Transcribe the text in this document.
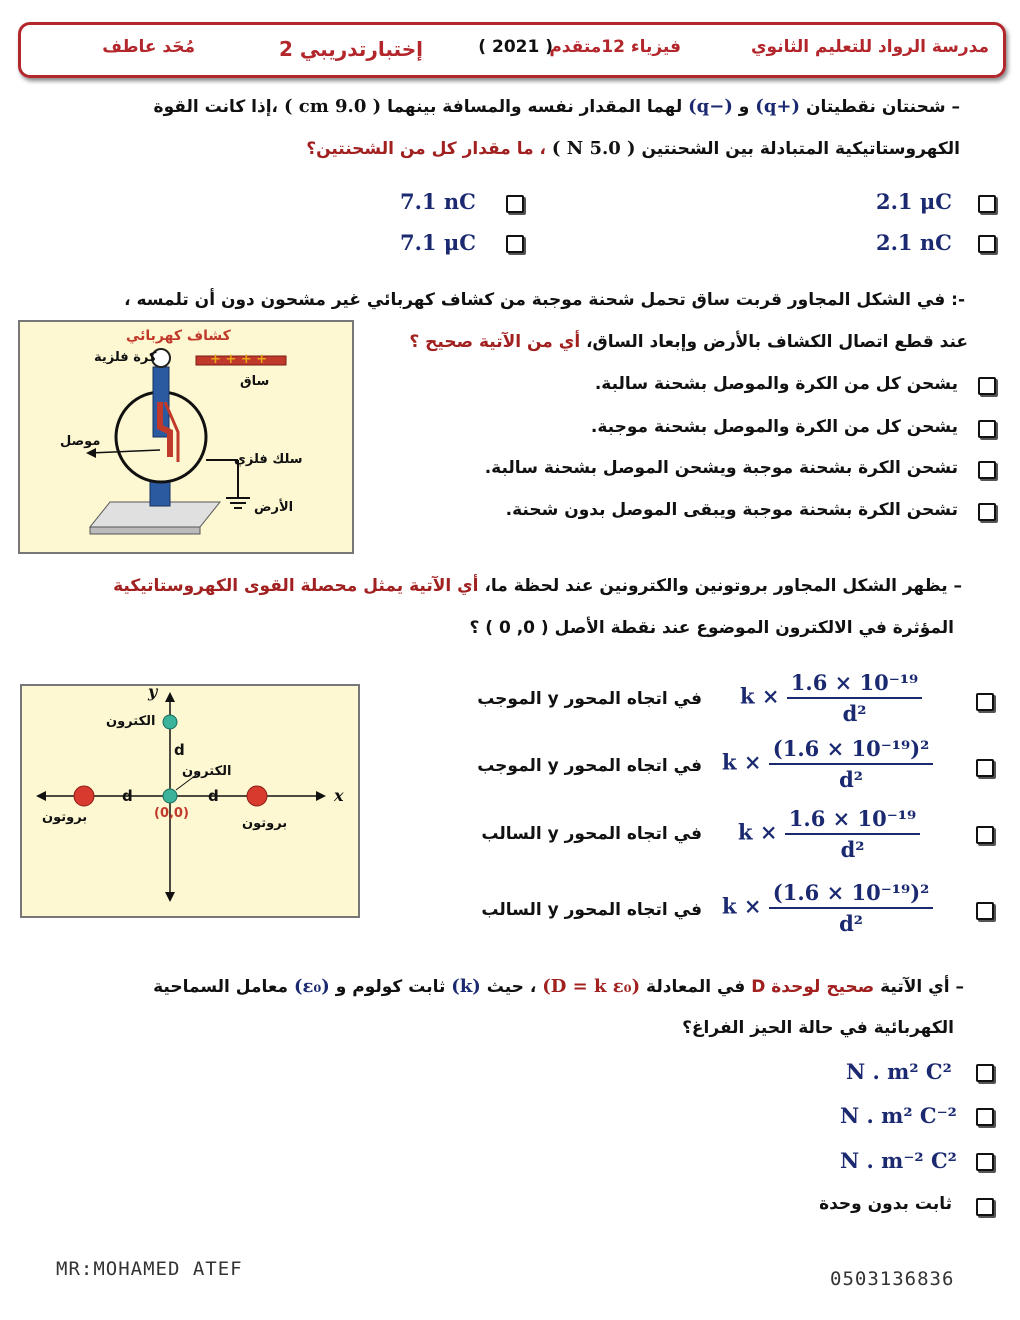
مدرسة الرواد للتعليم الثانوي
فيزياء 12متقدم
( 2021 )
إختبارتدريبي 2
مُحَد عاطف
– شحنتان نقطيتان (+q) و (−q) لهما المقدار نفسه والمسافة بينهما ( 9.0 cm ) ،إذا كانت القوة
الكهروستاتيكية المتبادلة بين الشحنتين ( 5.0 N ) ، ما مقدار كل من الشحنتين؟
2.1 μC
7.1 nC
2.1 nC
7.1 μC
-: في الشكل المجاور قربت ساق تحمل شحنة موجبة من كشاف كهربائي غير مشحون دون أن تلمسه ،
عند قطع اتصال الكشاف بالأرض وإبعاد الساق، أي من الآتية صحيح ؟
يشحن كل من الكرة والموصل بشحنة سالبة.
يشحن كل من الكرة والموصل بشحنة موجبة.
تشحن الكرة بشحنة موجبة ويشحن الموصل بشحنة سالبة.
تشحن الكرة بشحنة موجبة ويبقى الموصل بدون شحنة.
+ + + +
كشاف كهربائي
كرة فلزية
ساق
موصل
سلك فلزي
الأرض
– يظهر الشكل المجاور بروتونين والكترونين عند لحظة ما، أي الآتية يمثل محصلة القوى الكهروستاتيكية
المؤثرة في الالكترون الموضوع عند نقطة الأصل ( 0, 0 ) ؟
$k \times \frac{\text{1.6 × 10⁻¹⁹}}{\text{d²}}$
في اتجاه المحور y الموجب
$k \times \frac{\text{(1.6 × 10⁻¹⁹)²}}{\text{d²}}$
في اتجاه المحور y الموجب
$k \times \frac{\text{1.6 × 10⁻¹⁹}}{\text{d²}}$
في اتجاه المحور y السالب
$k \times \frac{\text{(1.6 × 10⁻¹⁹)²}}{\text{d²}}$
في اتجاه المحور y السالب
y
x
الكترون
الكترون
بروتون	بروتون
d
d	d
(0,0)
– أي الآتية صحيح لوحدة D في المعادلة (D = k ε₀) ، حيث (k) ثابت كولوم و (ε₀) معامل السماحية
الكهربائية في حالة الحيز الفراغ؟
N . m² C²
N . m² C⁻²
N . m⁻² C²
ثابت بدون وحدة
MR:MOHAMED ATEF	0503136836
